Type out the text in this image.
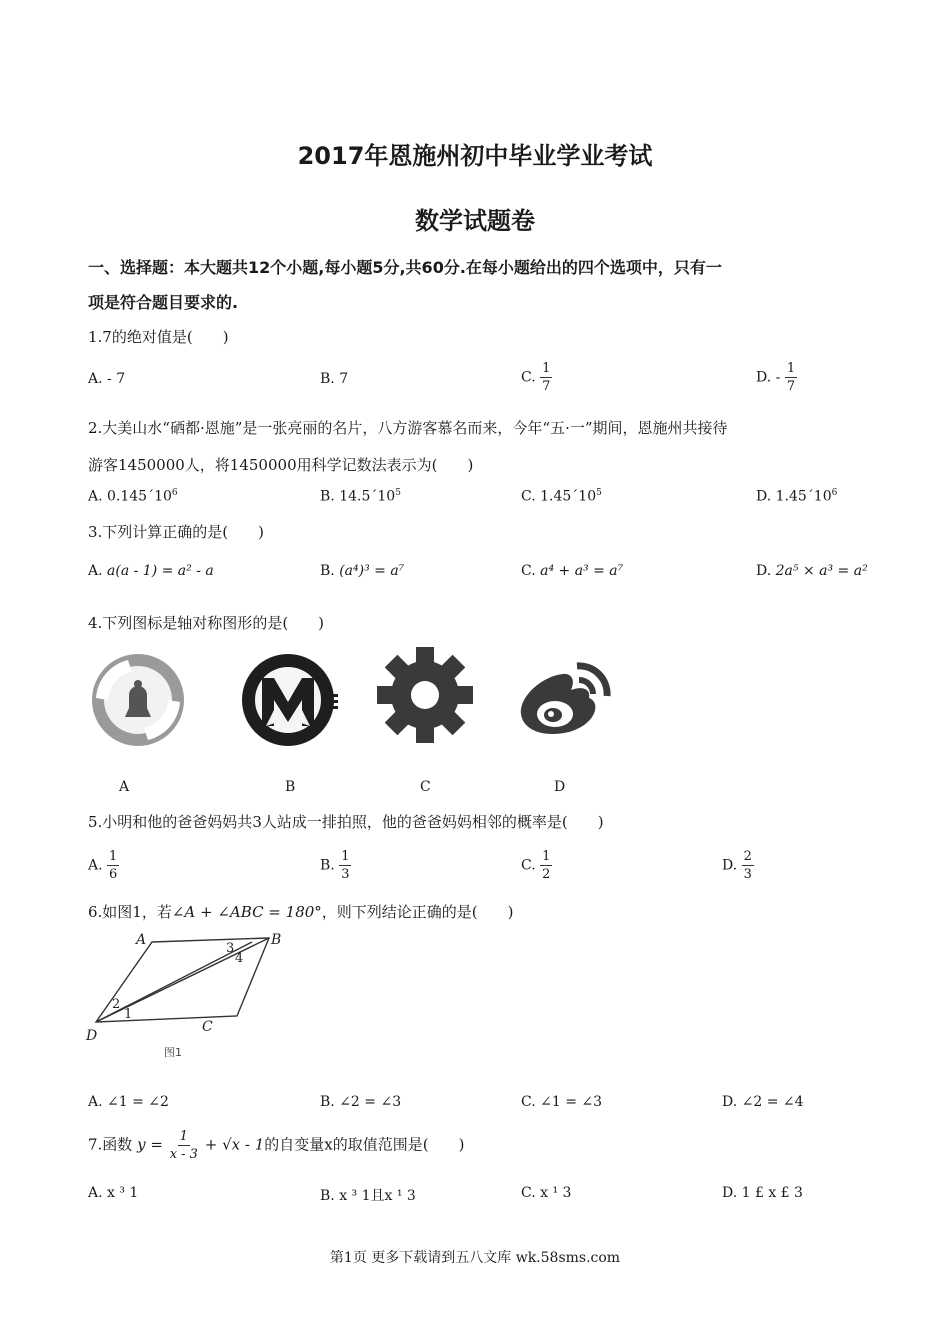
2017年恩施州初中毕业学业考试
数学试题卷
一、选择题：本大题共12个小题,每小题5分,共60分.在每小题给出的四个选项中，只有一
项是符合题目要求的.
1.7的绝对值是(　　)
A. - 7	B. 7	C. $\frac{1}{7}$	D. - $\frac{1}{7}$
2.大美山水“硒都·恩施”是一张亮丽的名片，八方游客慕名而来，今年“五·一”期间，恩施州共接待
游客1450000人，将1450000用科学记数法表示为(　　)
A. $0.145´10^6$	B. $14.5´10^5$	C. $1.45´10^5$	D. $1.45´10^6$
3.下列计算正确的是(　　)
A. a(a - 1) = a² - a	B. (a⁴)³ = a⁷	C. a⁴ + a³ = a⁷	D. 2a⁵ × a³ = a²
4.下列图标是轴对称图形的是(　　)
A	B	C	D
5.小明和他的爸爸妈妈共3人站成一排拍照，他的爸爸妈妈相邻的概率是(　　)
A. $\frac{1}{6}$	B. $\frac{1}{3}$	C. $\frac{1}{2}$	D. $\frac{2}{3}$
6.如图1，若∠A + ∠ABC = 180°，则下列结论正确的是(　　)
A	B
C
D
1
2
3
4
图1
A. ∠1 = ∠2	B. ∠2 = ∠3	C. ∠1 = ∠3	D. ∠2 = ∠4
7.函数 $y = \frac{1}{x - 3} + √x - 1$的自变量x的取值范围是(　　)
A. x ³ 1	B. x ³ 1且x ¹ 3	C. x ¹ 3	D. 1 £ x £ 3
第1页 更多下载请到五八文库 wk.58sms.com
